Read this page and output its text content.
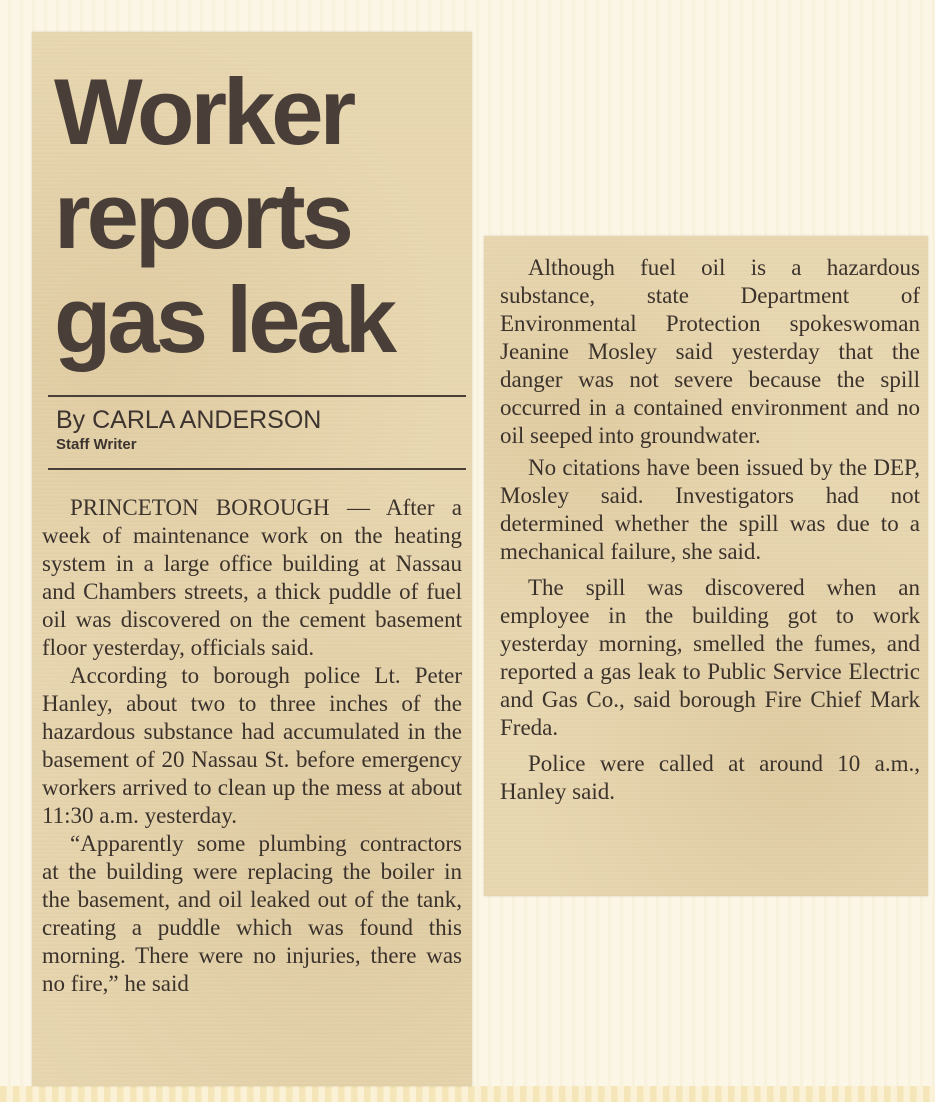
Worker
reports
gas leak
By CARLA ANDERSON
Staff Writer

PRINCETON BOROUGH — After a week of maintenance work on the heating system in a large office building at Nassau and Chambers streets, a thick puddle of fuel oil was discovered on the cement basement floor yesterday, officials said.

According to borough police Lt. Peter Hanley, about two to three inches of the hazardous substance had accumulated in the basement of 20 Nassau St. before emergency workers arrived to clean up the mess at about 11:30 a.m. yesterday.

“Apparently some plumbing contractors at the building were replacing the boiler in the basement, and oil leaked out of the tank, creating a puddle which was found this morning. There were no injuries, there was no fire,” he said

Although fuel oil is a hazardous substance, state Department of Environmental Protection spokeswoman Jeanine Mosley said yesterday that the danger was not severe because the spill occurred in a contained environment and no oil seeped into groundwater.

No citations have been issued by the DEP, Mosley said. Investigators had not determined whether the spill was due to a mechanical failure, she said.

The spill was discovered when an employee in the building got to work yesterday morning, smelled the fumes, and reported a gas leak to Public Service Electric and Gas Co., said borough Fire Chief Mark Freda.

Police were called at around 10 a.m., Hanley said.
